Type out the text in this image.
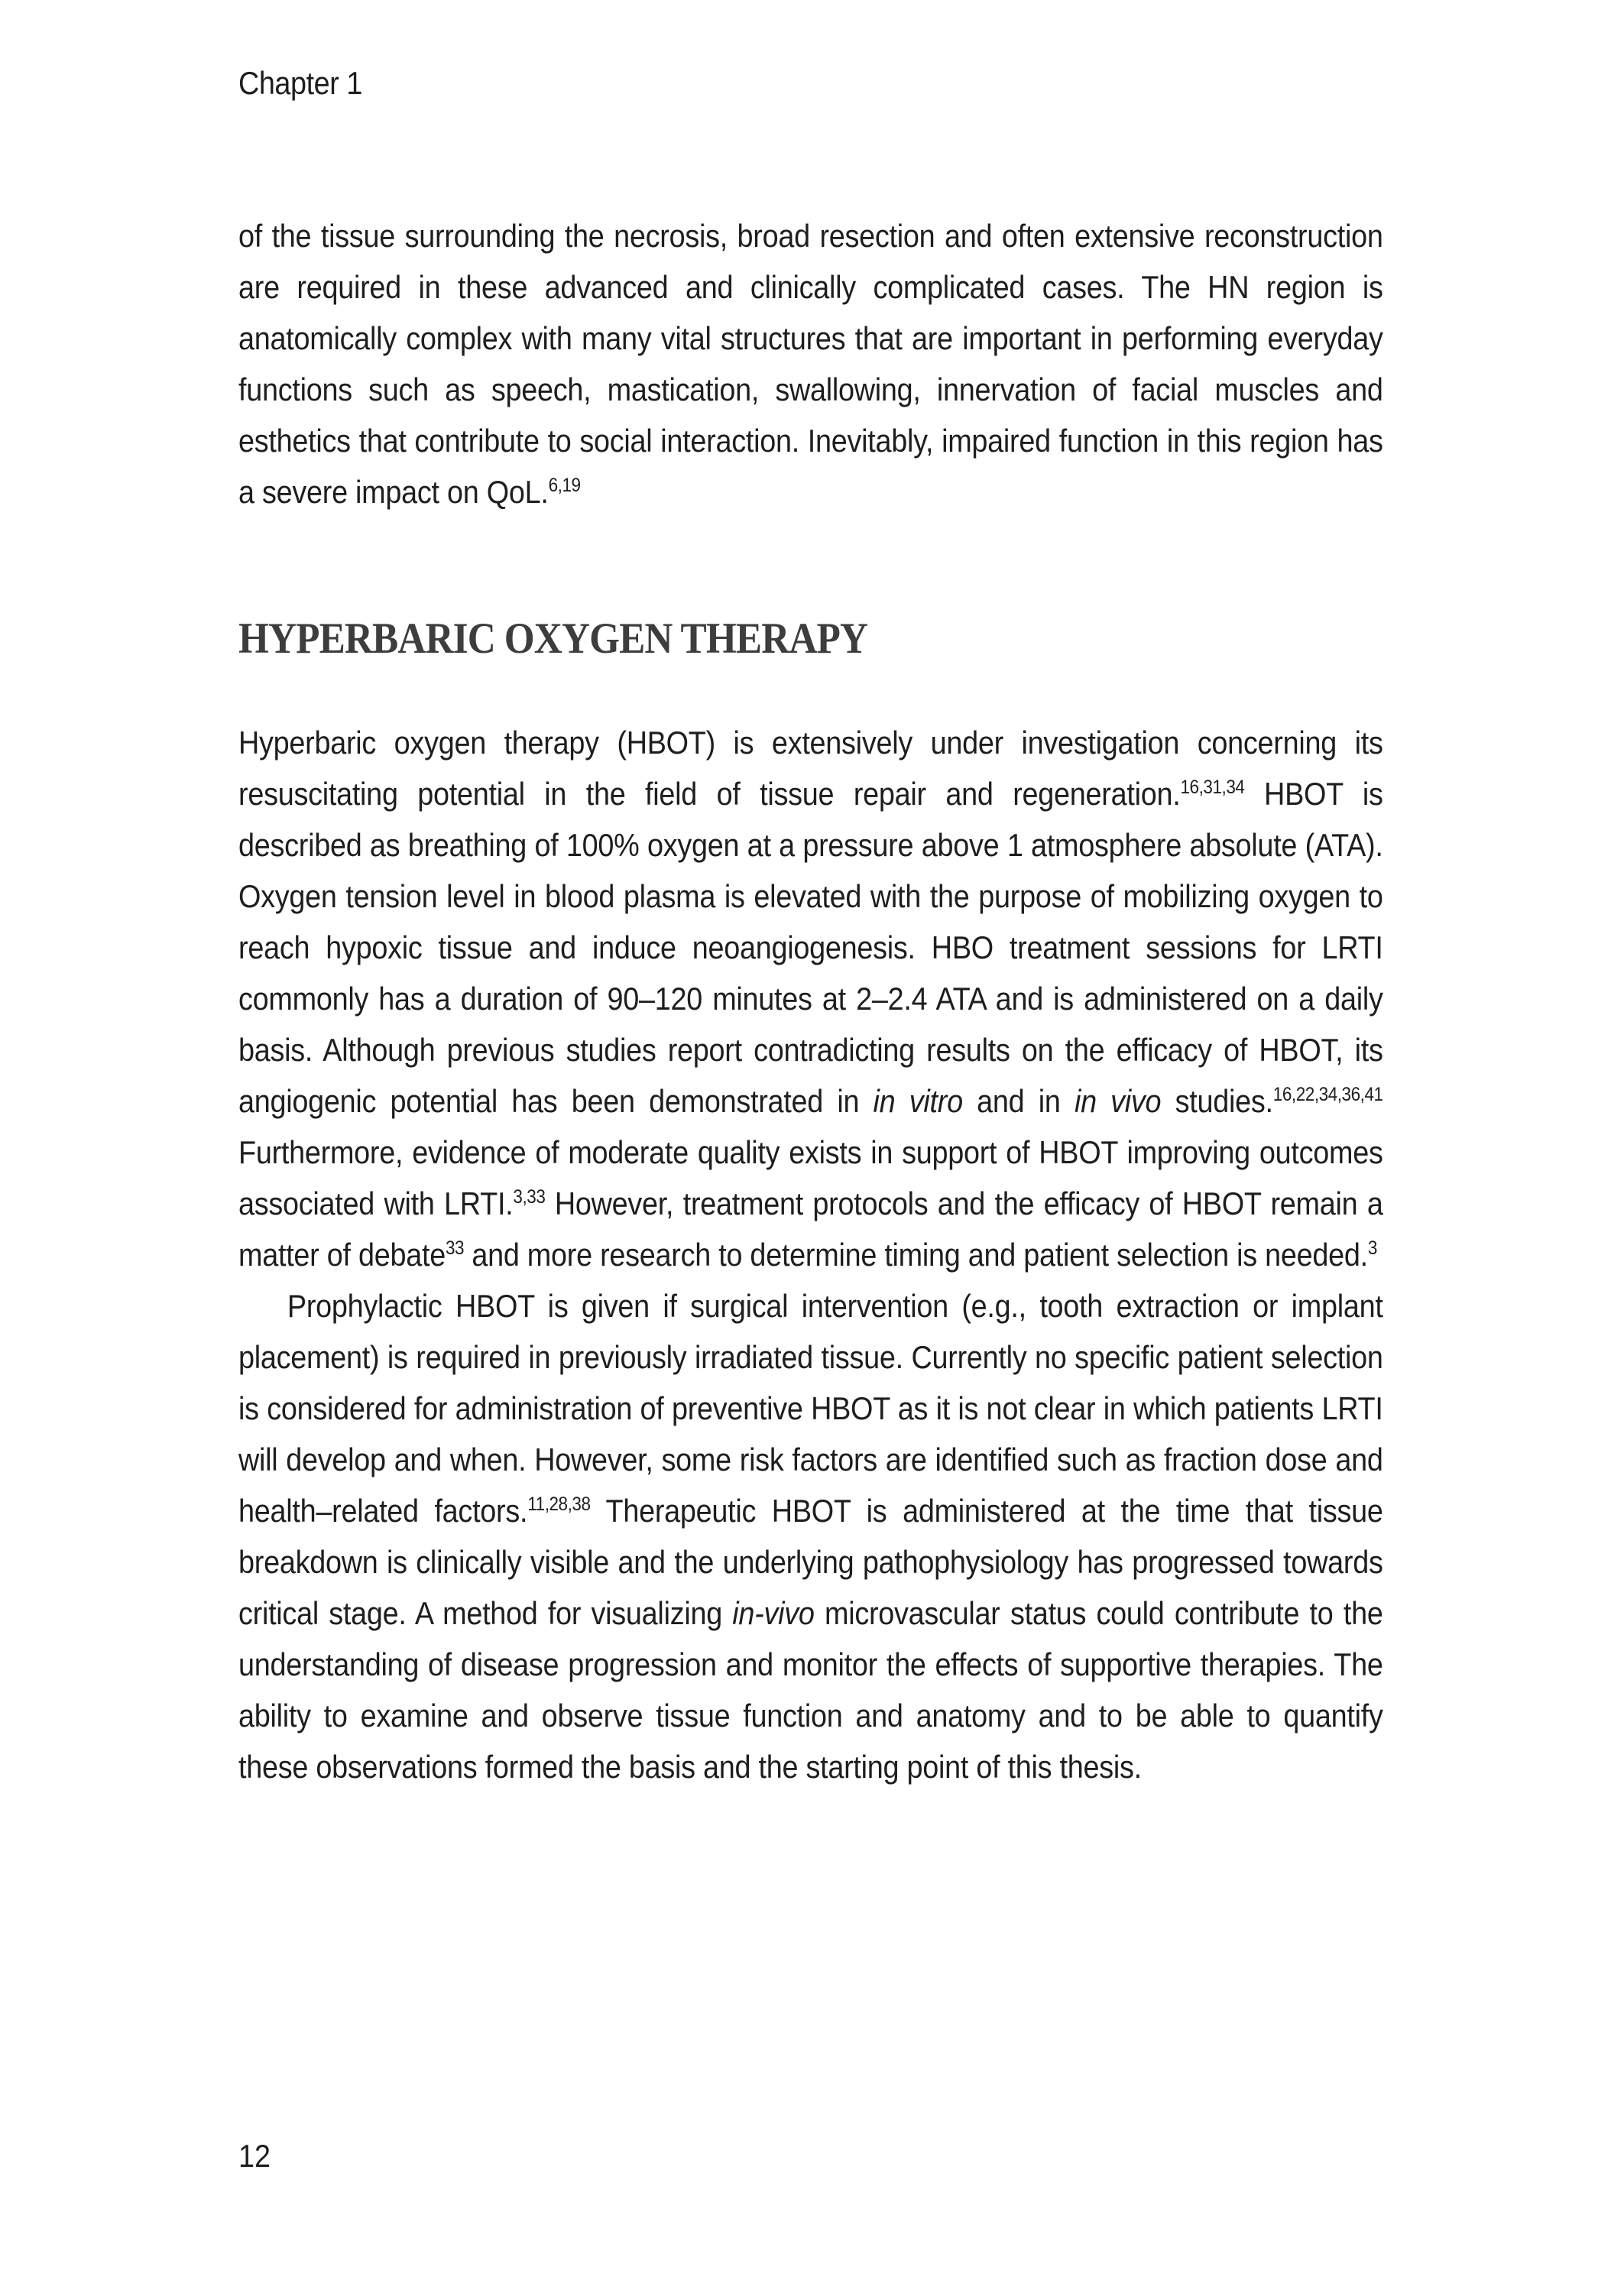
Chapter 1

of the tissue surrounding the necrosis, broad resection and often extensive reconstruction are required in these advanced and clinically complicated cases. The HN region is anatomically complex with many vital structures that are important in performing everyday functions such as speech, mastication, swallowing, innervation of facial muscles and esthetics that contribute to social interaction. Inevitably, impaired function in this region has a severe impact on QoL.$^{6,19}$

HYPERBARIC OXYGEN THERAPY

Hyperbaric oxygen therapy (HBOT) is extensively under investigation concerning its resuscitating potential in the field of tissue repair and regeneration.$^{16,31,34}$ HBOT is described as breathing of 100% oxygen at a pressure above 1 atmosphere absolute (ATA). Oxygen tension level in blood plasma is elevated with the purpose of mobilizing oxygen to reach hypoxic tissue and induce neoangiogenesis. HBO treatment sessions for LRTI commonly has a duration of 90–120 minutes at 2–2.4 ATA and is administered on a daily basis. Although previous studies report contradicting results on the efficacy of HBOT, its angiogenic potential has been demonstrated in in vitro and in in vivo studies.$^{16,22,34,36,41}$ Furthermore, evidence of moderate quality exists in support of HBOT improving outcomes associated with LRTI.$^{3,33}$ However, treatment protocols and the efficacy of HBOT remain a matter of debate$^{33}$ and more research to determine timing and patient selection is needed.$^3$

Prophylactic HBOT is given if surgical intervention (e.g., tooth extraction or implant placement) is required in previously irradiated tissue. Currently no specific patient selection is considered for administration of preventive HBOT as it is not clear in which patients LRTI will develop and when. However, some risk factors are identified such as fraction dose and health–related factors.$^{11,28,38}$ Therapeutic HBOT is administered at the time that tissue breakdown is clinically visible and the underlying pathophysiology has progressed towards critical stage. A method for visualizing in-vivo microvascular status could contribute to the understanding of disease progression and monitor the effects of supportive therapies. The ability to examine and observe tissue function and anatomy and to be able to quantify these observations formed the basis and the starting point of this thesis.

12
